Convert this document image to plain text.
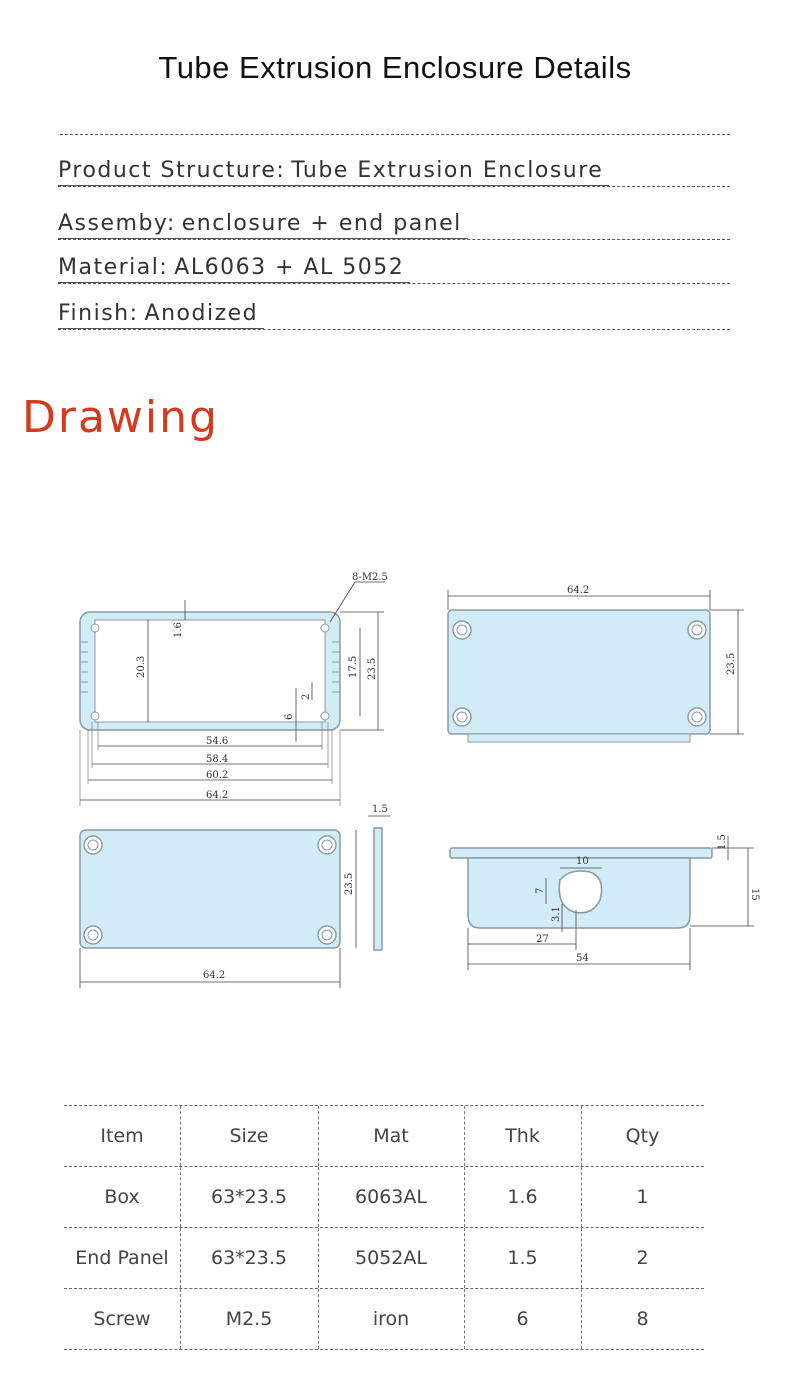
Tube Extrusion Enclosure Details
Product Structure: Tube Extrusion Enclosure
Assemby: enclosure + end panel
Material: AL6063 + AL 5052
Finish: Anodized
Drawing
8-M2.5
1.6
20.3	17.5 23.5
2
6
54.6
58.4
60.2
64.2
64.2
23.5
1.5
23.5
64.2
10
7
3.1
1.5
15
27
54
Item	Size	Mat	Thk	Qty
Box	63*23.5	6063AL	1.6	1
End Panel	63*23.5	5052AL	1.5	2
Screw	M2.5	iron	6	8
